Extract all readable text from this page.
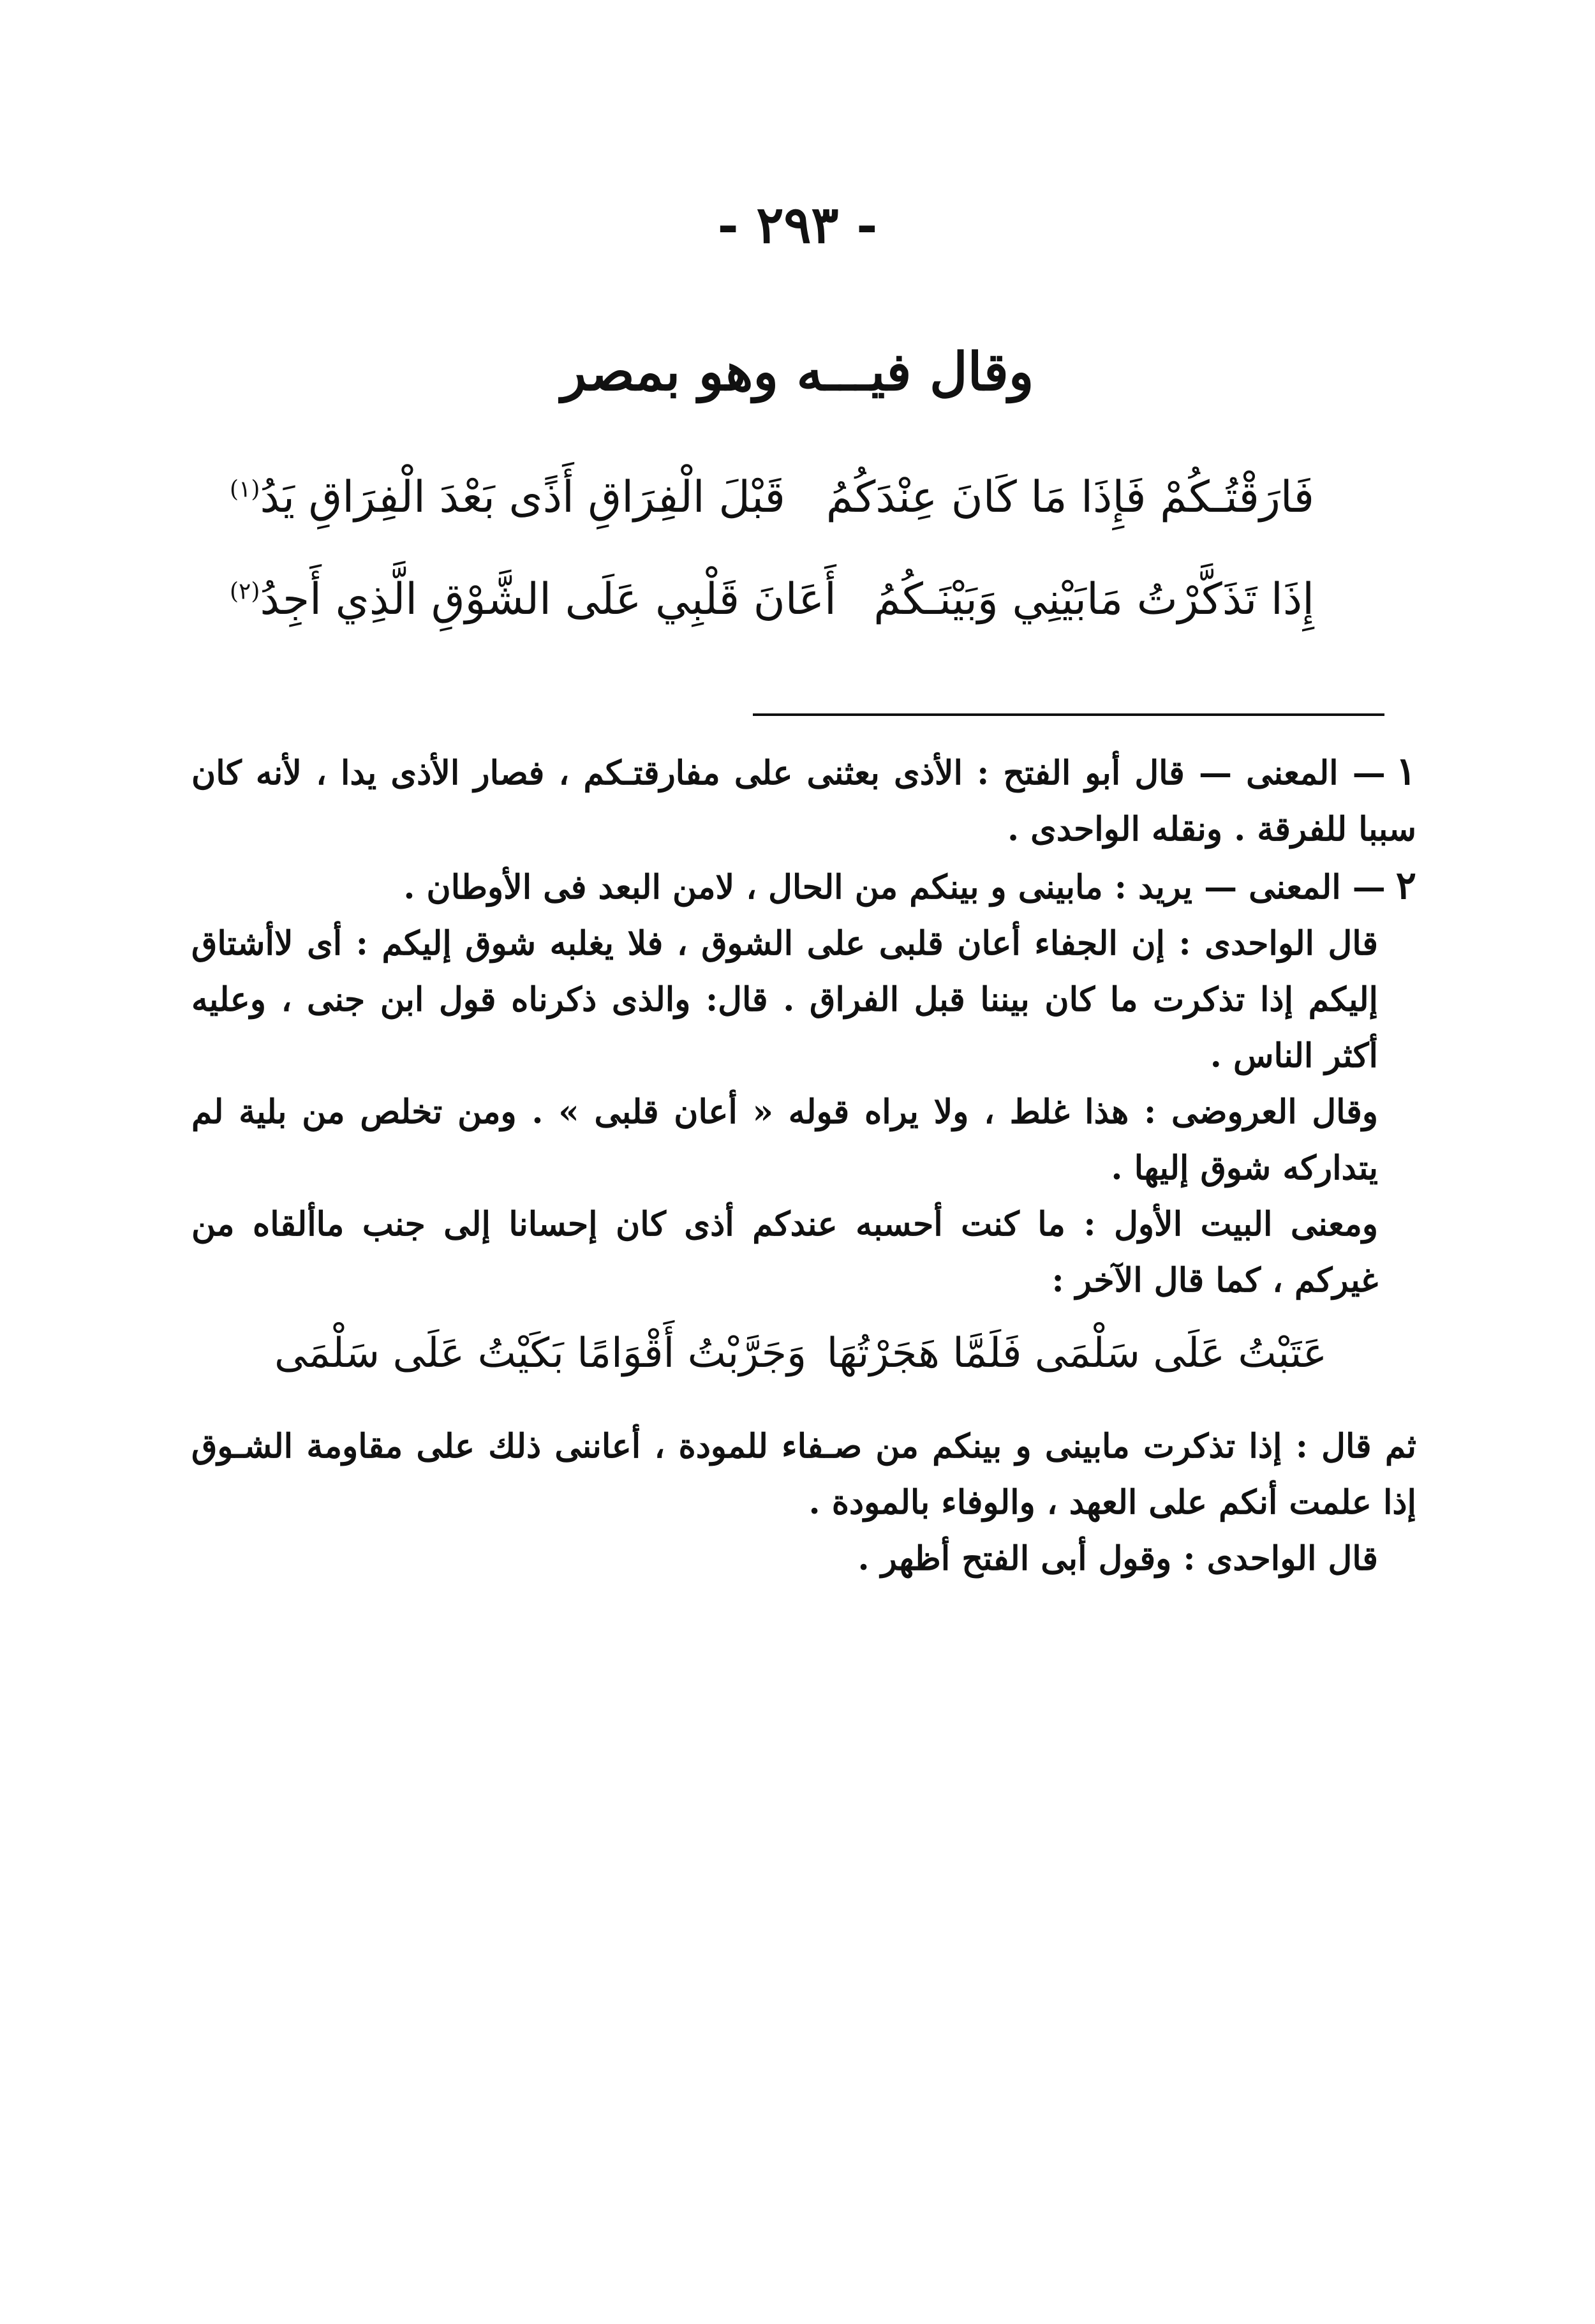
- ٢٩٣ -
وقال فيـــه وهو بمصر
فَارَقْتُـكُمْ فَإِذَا مَا كَانَ عِنْدَكُمُ
قَبْلَ الْفِرَاقِ أَذًى بَعْدَ الْفِرَاقِ يَدُ$^{(١)}$
إِذَا تَذَكَّرْتُ مَابَيْنِي وَبَيْنَـكُمُ
أَعَانَ قَلْبِي عَلَى الشَّوْقِ الَّذِي أَجِدُ$^{(٢)}$

١— المعنى — قال أبو الفتح : الأذى بعثنى على مفارقتـكم ، فصار الأذى يدا ، لأنه كان سببا للفرقة . ونقله الواحدى .

٢— المعنى — يريد : مابينى و بينكم من الحال ، لامن البعد فى الأوطان .

قال الواحدى : إن الجفاء أعان قلبى على الشوق ، فلا يغلبه شوق إليكم : أى لاأشتاق إليكم إذا تذكرت ما كان بيننا قبل الفراق . قال: والذى ذكرناه قول ابن جنى ، وعليه أكثر الناس .

وقال العروضى : هذا غلط ، ولا يراه قوله « أعان قلبى » . ومن تخلص من بلية لم يتداركه شوق إليها .

ومعنى البيت الأول : ما كنت أحسبه عندكم أذى كان إحسانا إلى جنب ماألقاه من غيركم ، كما قال الآخر :

عَتَبْتُ عَلَى سَلْمَى فَلَمَّا هَجَرْتُهَا
وَجَرَّبْتُ أَقْوَامًا بَكَيْتُ عَلَى سَلْمَى

ثم قال : إذا تذكرت مابينى و بينكم من صـفاء للمودة ، أعاننى ذلك على مقاومة الشـوق إذا علمت أنكم على العهد ، والوفاء بالمودة .

قال الواحدى : وقول أبى الفتح أظهر .
